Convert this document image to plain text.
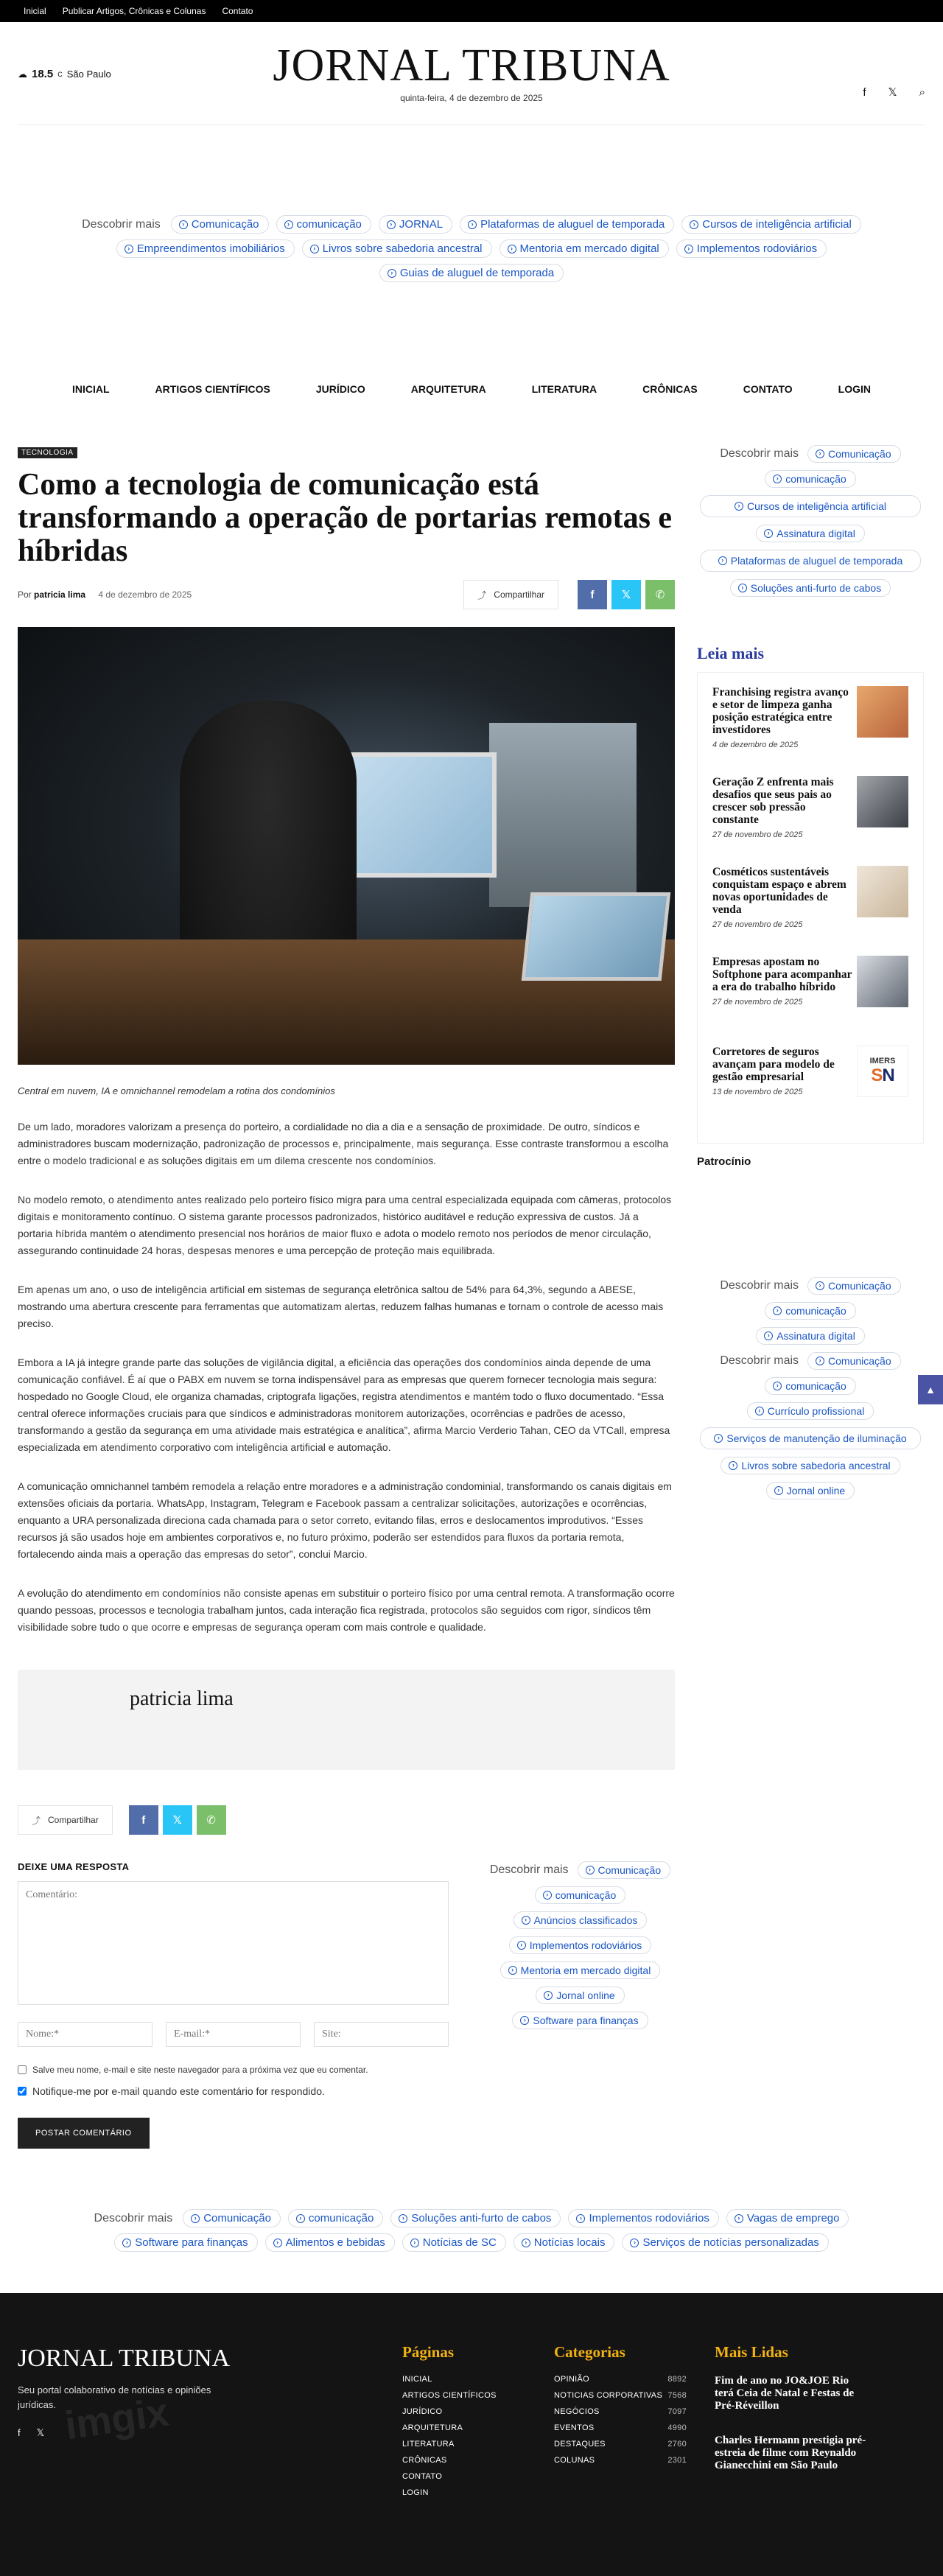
Inicial Publicar Artigos, Crônicas e Colunas Contato
☁ 18.5 C São Paulo	JORNAL TRIBUNA
quinta-feira, 4 de dezembro de 2025	f 𝕏 ⌕
Descobrir mais	› Comunicação	› comunicação	› JORNAL	› Plataformas de aluguel de temporada	› Cursos de inteligência artificial
› Empreendimentos imobiliários	› Livros sobre sabedoria ancestral	› Mentoria em mercado digital	› Implementos rodoviários
› Guias de aluguel de temporada
INICIAL	ARTIGOS CIENTÍFICOS	JURÍDICO	ARQUITETURA	LITERATURA	CRÔNICAS	CONTATO	LOGIN
TECNOLOGIA
Como a tecnologia de comunicação está transformando a operação de portarias remotas e híbridas
Por patricia lima 4 de dezembro de 2025	⤴ Compartilhar	f 𝕏 ✆
Central em nuvem, IA e omnichannel remodelam a rotina dos condomínios

De um lado, moradores valorizam a presença do porteiro, a cordialidade no dia a dia e a sensação de proximidade. De outro, síndicos e administradores buscam modernização, padronização de processos e, principalmente, mais segurança. Esse contraste transformou a escolha entre o modelo tradicional e as soluções digitais em um dilema crescente nos condomínios.

No modelo remoto, o atendimento antes realizado pelo porteiro físico migra para uma central especializada equipada com câmeras, protocolos digitais e monitoramento contínuo. O sistema garante processos padronizados, histórico auditável e redução expressiva de custos. Já a portaria híbrida mantém o atendimento presencial nos horários de maior fluxo e adota o modelo remoto nos períodos de menor circulação, assegurando continuidade 24 horas, despesas menores e uma percepção de proteção mais equilibrada.

Em apenas um ano, o uso de inteligência artificial em sistemas de segurança eletrônica saltou de 54% para 64,3%, segundo a ABESE, mostrando uma abertura crescente para ferramentas que automatizam alertas, reduzem falhas humanas e tornam o controle de acesso mais preciso.

Embora a IA já integre grande parte das soluções de vigilância digital, a eficiência das operações dos condomínios ainda depende de uma comunicação confiável. É aí que o PABX em nuvem se torna indispensável para as empresas que querem fornecer tecnologia mais segura: hospedado no Google Cloud, ele organiza chamadas, criptografa ligações, registra atendimentos e mantém todo o fluxo documentado. “Essa central oferece informações cruciais para que síndicos e administradoras monitorem autorizações, ocorrências e padrões de acesso, transformando a gestão da segurança em uma atividade mais estratégica e analítica”, afirma Marcio Verderio Tahan, CEO da VTCall, empresa especializada em atendimento corporativo com inteligência artificial e automação.

A comunicação omnichannel também remodela a relação entre moradores e a administração condominial, transformando os canais digitais em extensões oficiais da portaria. WhatsApp, Instagram, Telegram e Facebook passam a centralizar solicitações, autorizações e ocorrências, enquanto a URA personalizada direciona cada chamada para o setor correto, evitando filas, erros e deslocamentos improdutivos. “Esses recursos já são usados hoje em ambientes corporativos e, no futuro próximo, poderão ser estendidos para fluxos da portaria remota, fortalecendo ainda mais a operação das empresas do setor”, conclui Marcio.

A evolução do atendimento em condomínios não consiste apenas em substituir o porteiro físico por uma central remota. A transformação ocorre quando pessoas, processos e tecnologia trabalham juntos, cada interação fica registrada, protocolos são seguidos com rigor, síndicos têm visibilidade sobre tudo o que ocorre e empresas de segurança operam com mais controle e qualidade.

patricia lima
⤴ Compartilhar	f 𝕏 ✆
DEIXE UMA RESPOSTA
Comentário:
Nome:*
E-mail:*
Site:
Salve meu nome, e-mail e site neste navegador para a próxima vez que eu comentar.
Notifique-me por e-mail quando este comentário for respondido.
POSTAR COMENTÁRIO
Descobrir mais	› Comunicação
› comunicação
› Anúncios classificados
› Implementos rodoviários
› Mentoria em mercado digital
› Jornal online
› Software para finanças
Descobrir mais	› Comunicação
› comunicação
› Cursos de inteligência artificial
› Assinatura digital
› Plataformas de aluguel de temporada
› Soluções anti-furto de cabos
Leia mais
Franchising registra avanço e setor de limpeza ganha posição estratégica entre investidores
4 de dezembro de 2025
Geração Z enfrenta mais desafios que seus pais ao crescer sob pressão constante
27 de novembro de 2025
Cosméticos sustentáveis conquistam espaço e abrem novas oportunidades de venda
27 de novembro de 2025
Empresas apostam no Softphone para acompanhar a era do trabalho híbrido
27 de novembro de 2025
Corretores de seguros avançam para modelo de gestão empresarial
13 de novembro de 2025
IMERS
SN
Patrocínio
Descobrir mais	› Comunicação
› comunicação
› Assinatura digital
Descobrir mais	› Comunicação
› comunicação
› Currículo profissional
› Serviços de manutenção de iluminação
› Livros sobre sabedoria ancestral
› Jornal online
▲
Descobrir mais	› Comunicação	› comunicação	› Soluções anti-furto de cabos	› Implementos rodoviários	› Vagas de emprego
› Software para finanças	› Alimentos e bebidas	› Notícias de SC	› Notícias locais	› Serviços de notícias personalizadas
imgix
JORNAL TRIBUNA
Seu portal colaborativo de notícias e opiniões jurídicas.
f 𝕏
Páginas
INICIAL
ARTIGOS CIENTÍFICOS
JURÍDICO
ARQUITETURA
LITERATURA
CRÔNICAS
CONTATO
LOGIN
Categorias
OPINIÃO	8892
NOTICIAS CORPORATIVAS 7568
NEGÓCIOS	7097
EVENTOS	4990
DESTAQUES	2760
COLUNAS	2301
Mais Lidas
Fim de ano no JO&JOE Rio terá Ceia de Natal e Festas de Pré-Réveillon
Charles Hermann prestigia pré-estreia de filme com Reynaldo Gianecchini em São Paulo
